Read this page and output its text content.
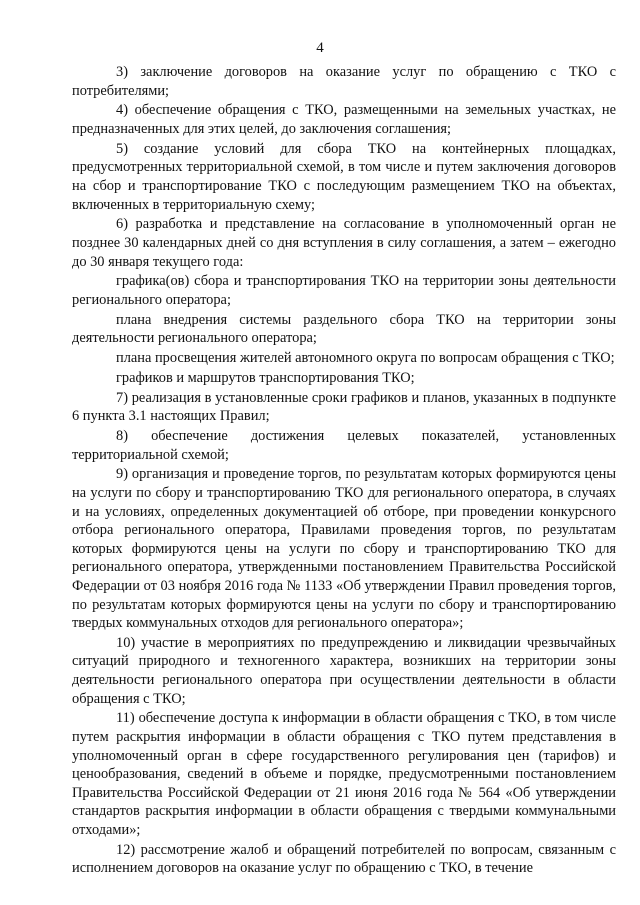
4

3) заключение договоров на оказание услуг по обращению с ТКО с потребителями;

4) обеспечение обращения с ТКО, размещенными на земельных участках, не предназначенных для этих целей, до заключения соглашения;

5) создание условий для сбора ТКО на контейнерных площадках, предусмотренных территориальной схемой, в том числе и путем заключения договоров на сбор и транспортирование ТКО с последующим размещением ТКО на объектах, включенных в территориальную схему;

6) разработка и представление на согласование в уполномоченный орган не позднее 30 календарных дней со дня вступления в силу соглашения, а затем – ежегодно до 30 января текущего года:

графика(ов) сбора и транспортирования ТКО на территории зоны деятельности регионального оператора;

плана внедрения системы раздельного сбора ТКО на территории зоны деятельности регионального оператора;

плана просвещения жителей автономного округа по вопросам обращения с ТКО;

графиков и маршрутов транспортирования ТКО;

7) реализация в установленные сроки графиков и планов, указанных в подпункте 6 пункта 3.1 настоящих Правил;

8) обеспечение достижения целевых показателей, установленных территориальной схемой;

9) организация и проведение торгов, по результатам которых формируются цены на услуги по сбору и транспортированию ТКО для регионального оператора, в случаях и на условиях, определенных документацией об отборе, при проведении конкурсного отбора регионального оператора, Правилами проведения торгов, по результатам которых формируются цены на услуги по сбору и транспортированию ТКО для регионального оператора, утвержденными постановлением Правительства Российской Федерации от 03 ноября 2016 года № 1133 «Об утверждении Правил проведения торгов, по результатам которых формируются цены на услуги по сбору и транспортированию твердых коммунальных отходов для регионального оператора»;

10) участие в мероприятиях по предупреждению и ликвидации чрезвычайных ситуаций природного и техногенного характера, возникших на территории зоны деятельности регионального оператора при осуществлении деятельности в области обращения с ТКО;

11) обеспечение доступа к информации в области обращения с ТКО, в том числе путем раскрытия информации в области обращения с ТКО путем представления в уполномоченный орган в сфере государственного регулирования цен (тарифов) и ценообразования, сведений в объеме и порядке, предусмотренными постановлением Правительства Российской Федерации от 21 июня 2016 года № 564 «Об утверждении стандартов раскрытия информации в области обращения с твердыми коммунальными отходами»;

12) рассмотрение жалоб и обращений потребителей по вопросам, связанным с исполнением договоров на оказание услуг по обращению с ТКО, в течение
